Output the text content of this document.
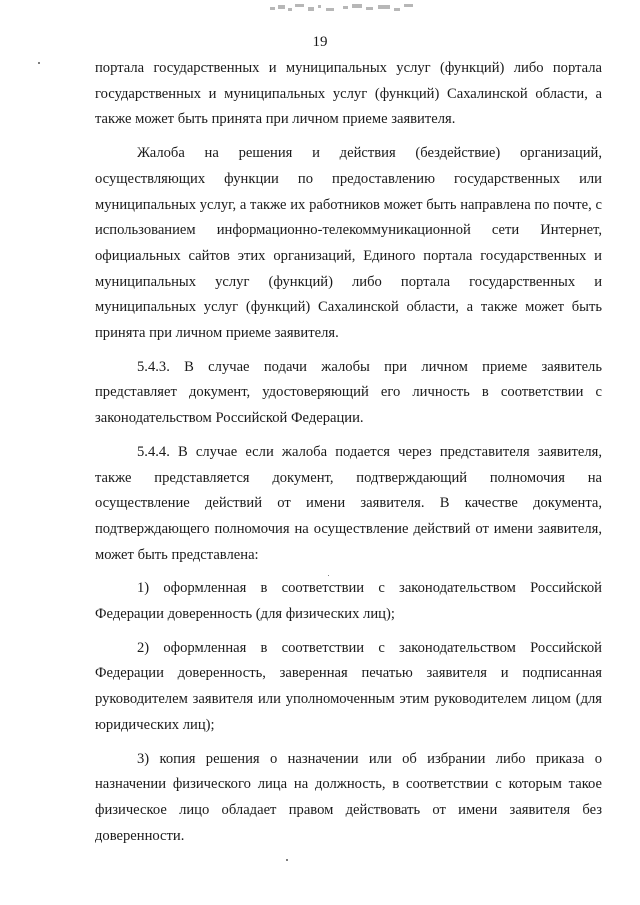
19

портала государственных и муниципальных услуг (функций) либо портала государственных и муниципальных услуг (функций) Сахалинской области, а также может быть принята при личном приеме заявителя.

Жалоба на решения и действия (бездействие) организаций, осуществляющих функции по предоставлению государственных или муниципальных услуг, а также их работников может быть направлена по почте, с использованием информационно-телекоммуникационной сети Интернет, официальных сайтов этих организаций, Единого портала государственных и муниципальных услуг (функций) либо портала государственных и муниципальных услуг (функций) Сахалинской области, а также может быть принята при личном приеме заявителя.

5.4.3. В случае подачи жалобы при личном приеме заявитель представляет документ, удостоверяющий его личность в соответствии с законодательством Российской Федерации.

5.4.4. В случае если жалоба подается через представителя заявителя, также представляется документ, подтверждающий полномочия на осуществление действий от имени заявителя. В качестве документа, подтверждающего полномочия на осуществление действий от имени заявителя, может быть представлена:

1) оформленная в соответствии с законодательством Российской Федерации доверенность (для физических лиц);

2) оформленная в соответствии с законодательством Российской Федерации доверенность, заверенная печатью заявителя и подписанная руководителем заявителя или уполномоченным этим руководителем лицом (для юридических лиц);

3) копия решения о назначении или об избрании либо приказа о назначении физического лица на должность, в соответствии с которым такое физическое лицо обладает правом действовать от имени заявителя без доверенности.
